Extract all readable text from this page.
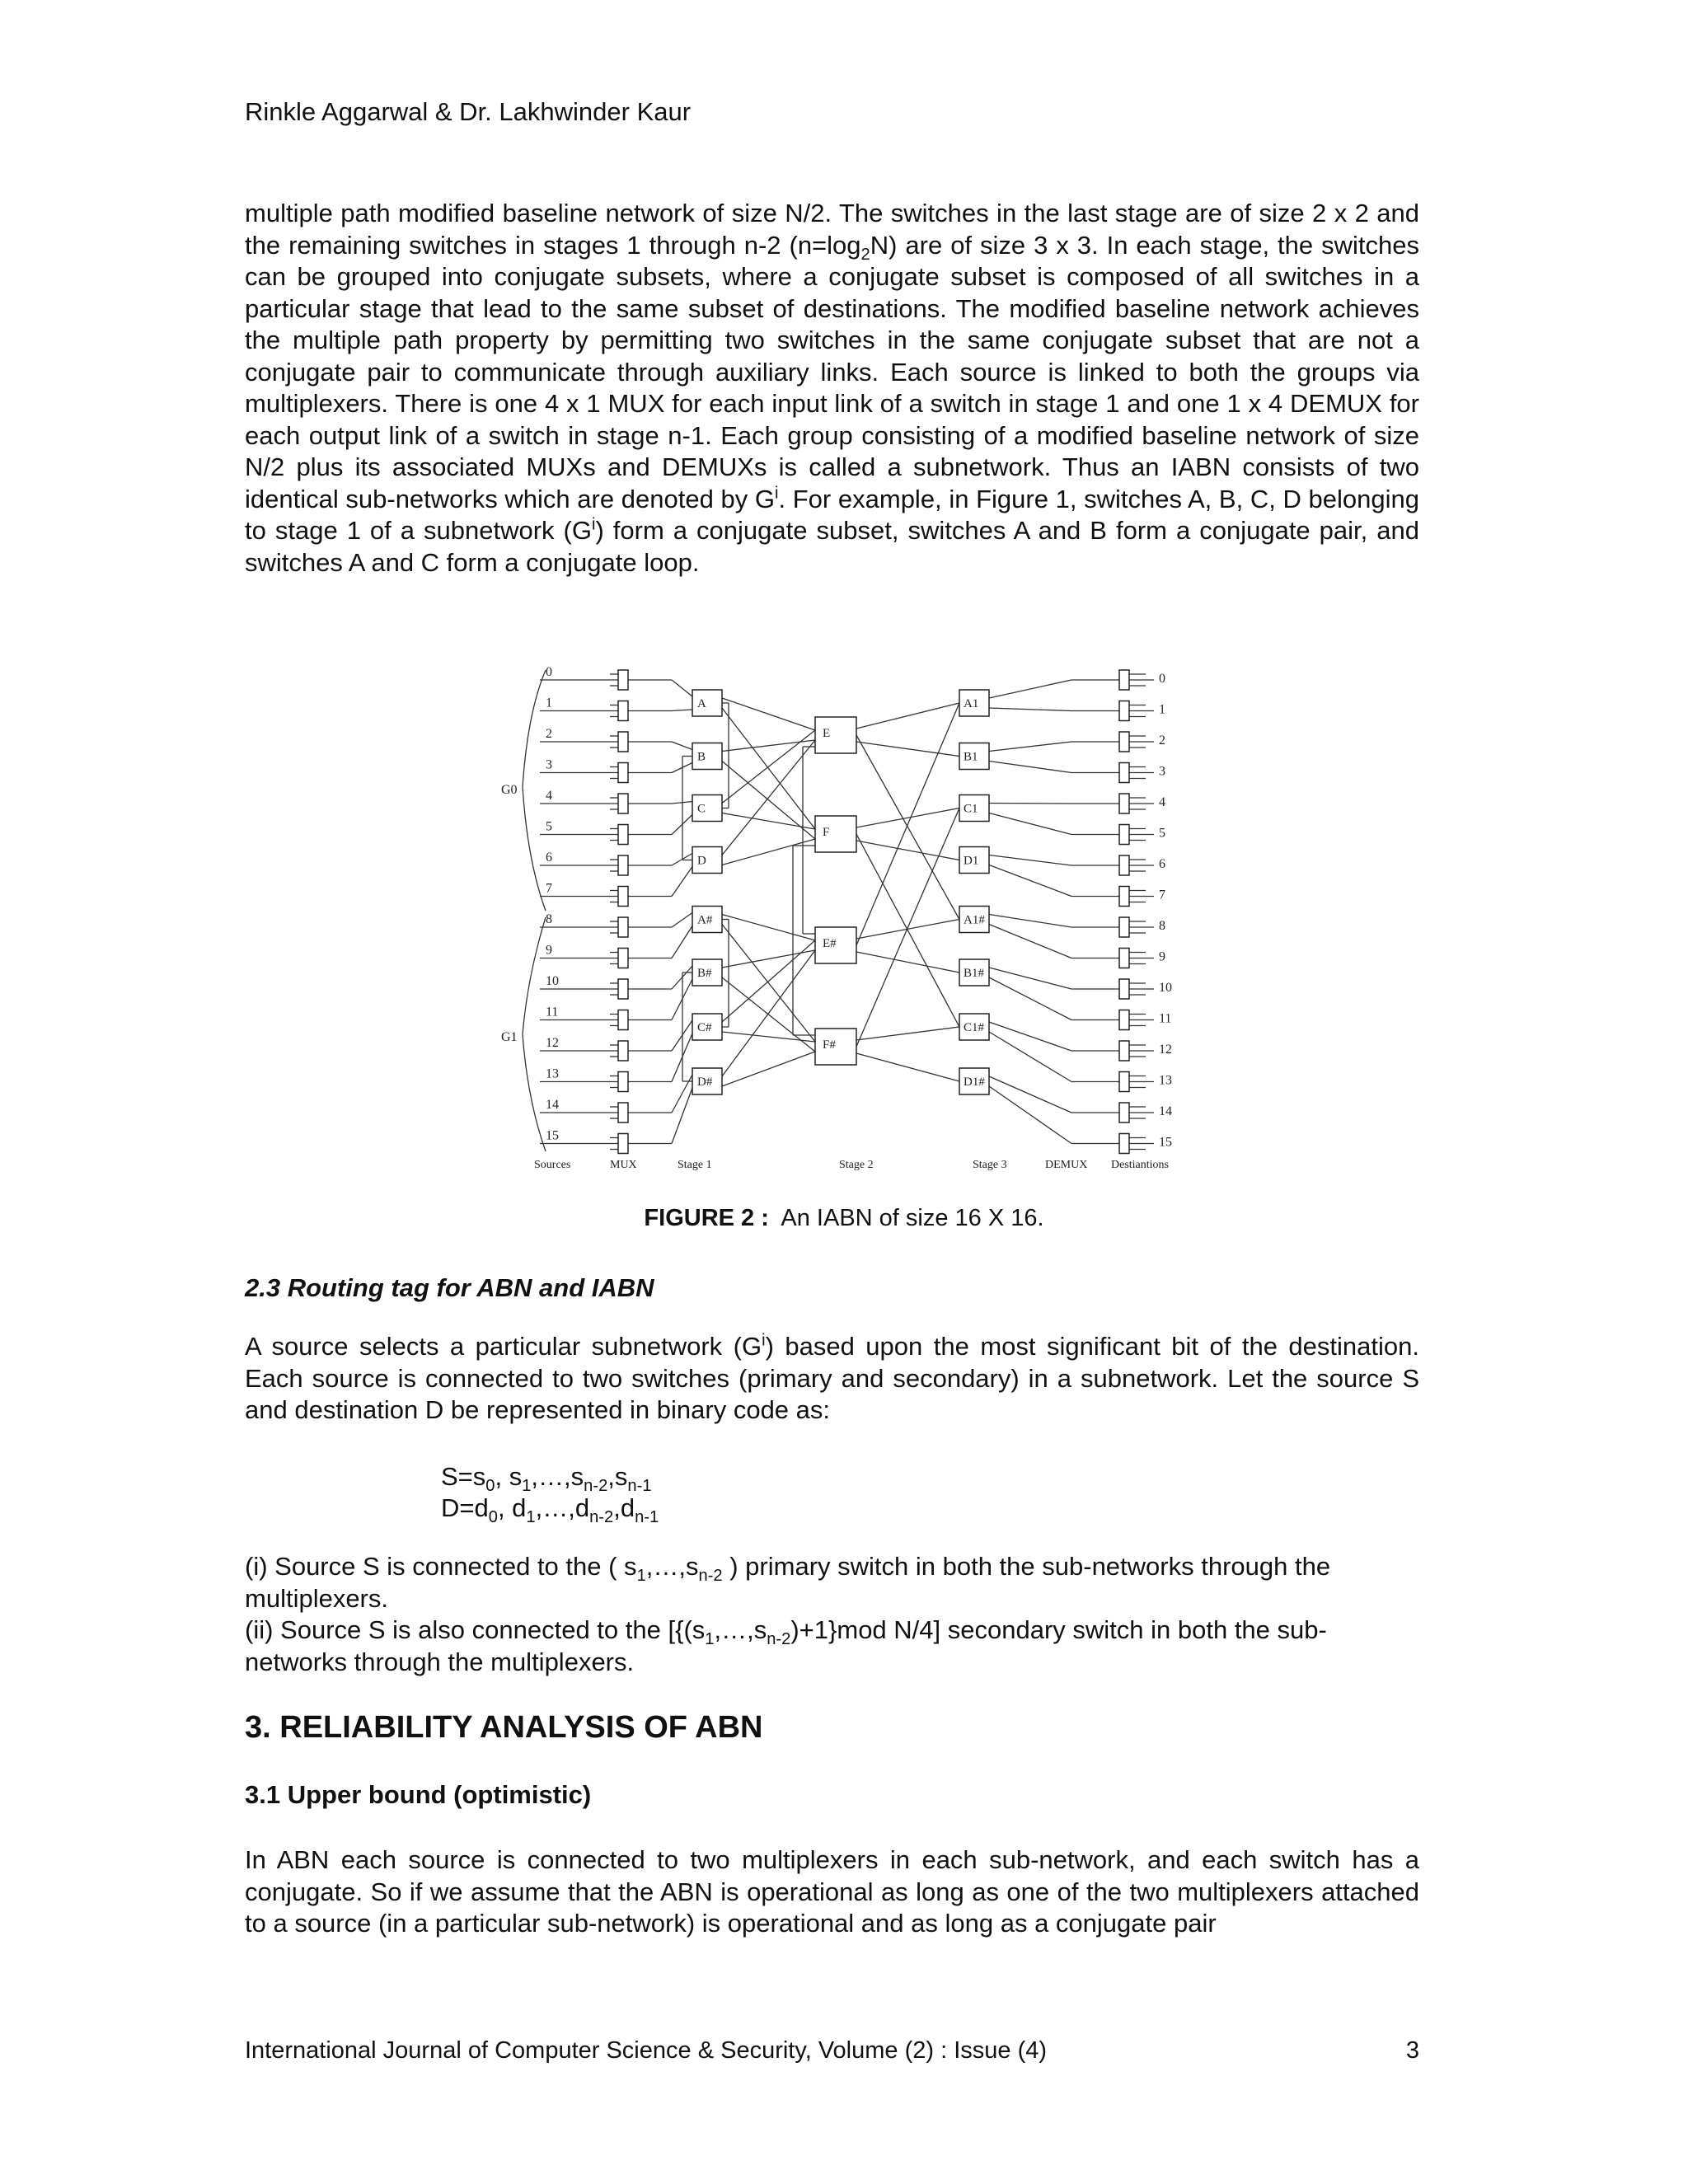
Rinkle Aggarwal & Dr. Lakhwinder Kaur
multiple path modified baseline network of size N/2. The switches in the last stage are of size 2 x 2 and the remaining switches in stages 1 through n-2 $(n=\log_2N)$ are of size 3 x 3. In each stage, the switches can be grouped into conjugate subsets, where a conjugate subset is composed of all switches in a particular stage that lead to the same subset of destinations. The modified baseline network achieves the multiple path property by permitting two switches in the same conjugate subset that are not a conjugate pair to communicate through auxiliary links. Each source is linked to both the groups via multiplexers. There is one 4 x 1 MUX for each input link of a switch in stage 1 and one 1 x 4 DEMUX for each output link of a switch in stage n-1. Each group consisting of a modified baseline network of size N/2 plus its associated MUXs and DEMUXs is called a subnetwork. Thus an IABN consists of two identical sub-networks which are denoted by $G^i$. For example, in Figure 1, switches A, B, C, D belonging to stage 1 of a subnetwork $(G^i)$ form a conjugate subset, switches A and B form a conjugate pair, and switches A and C form a conjugate loop.
0	0
1	1
2	2
3	3
4	4
5	5
6	6
7	7
8	8
9	9
10	10
11	11
12	12
13	13
14	14
15	15
G0
G1
A
B
C
D
A#
B#
C#
D#
E
F
E#
F#
A1
B1
C1
D1
A1#
B1#
C1#
D1#
Sources	MUX	Stage 1	Stage 2	Stage 3	DEMUX Destiantions
FIGURE 2 : An IABN of size 16 X 16.
2.3 Routing tag for ABN and IABN
A source selects a particular subnetwork $(G^i)$ based upon the most significant bit of the destination. Each source is connected to two switches (primary and secondary) in a subnetwork. Let the source S and destination D be represented in binary code as:
$S=s_0$, $s_1,\dots,s_{n-2},s_{n-1}$
$D=d_0$, $d_1,\dots,d_{n-2},d_{n-1}$
(i) Source S is connected to the ( $s_1,\dots,s_{n-2}$ ) primary switch in both the sub-networks through the multiplexers.
(ii) Source S is also connected to the [$\{(s_1,\dots,s_{n-2})+1\}mod$ N/4] secondary switch in both the sub-networks through the multiplexers.
3. RELIABILITY ANALYSIS OF ABN
3.1 Upper bound (optimistic)
In ABN each source is connected to two multiplexers in each sub-network, and each switch has a conjugate. So if we assume that the ABN is operational as long as one of the two multiplexers attached to a source (in a particular sub-network) is operational and as long as a conjugate pair
International Journal of Computer Science & Security, Volume (2) : Issue (4)	3
